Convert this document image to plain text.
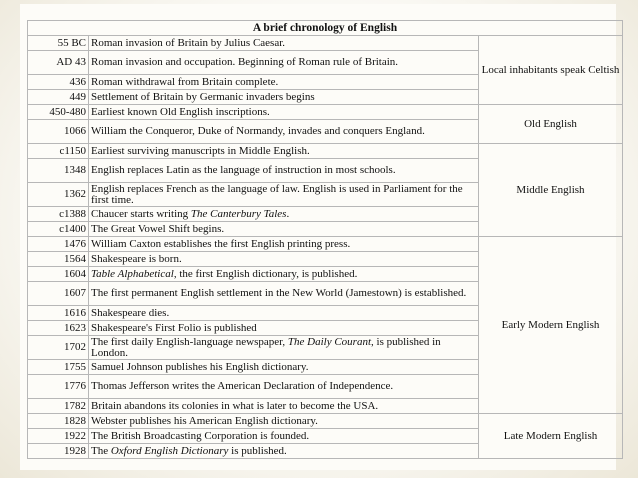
A brief chronology of English		
55 BC	Roman invasion of Britain by Julius Caesar.	Local inhabitants speak Celtish
AD 43	Roman invasion and occupation. Beginning of Roman rule of Britain.	
436	Roman withdrawal from Britain complete.	
449	Settlement of Britain by Germanic invaders begins	
450-480	Earliest known Old English inscriptions.	Old English
1066	William the Conqueror, Duke of Normandy, invades and conquers England.	
c1150	Earliest surviving manuscripts in Middle English.	Middle English
1348	English replaces Latin as the language of instruction in most schools.	
1362	English replaces French as the language of law. English is used in Parliament for the first time.	
c1388	Chaucer starts writing The Canterbury Tales.	
c1400	The Great Vowel Shift begins.	
1476	William Caxton establishes the first English printing press.	Early Modern English
1564	Shakespeare is born.	
1604	Table Alphabetical, the first English dictionary, is published.	
1607	The first permanent English settlement in the New World (Jamestown) is established.	
1616	Shakespeare dies.	
1623	Shakespeare's First Folio is published	
1702	The first daily English-language newspaper, The Daily Courant, is published in London.	
1755	Samuel Johnson publishes his English dictionary.	
1776	Thomas Jefferson writes the American Declaration of Independence.	
1782	Britain abandons its colonies in what is later to become the USA.	
1828	Webster publishes his American English dictionary.	Late Modern English
1922	The British Broadcasting Corporation is founded.	
1928	The Oxford English Dictionary is published.	
